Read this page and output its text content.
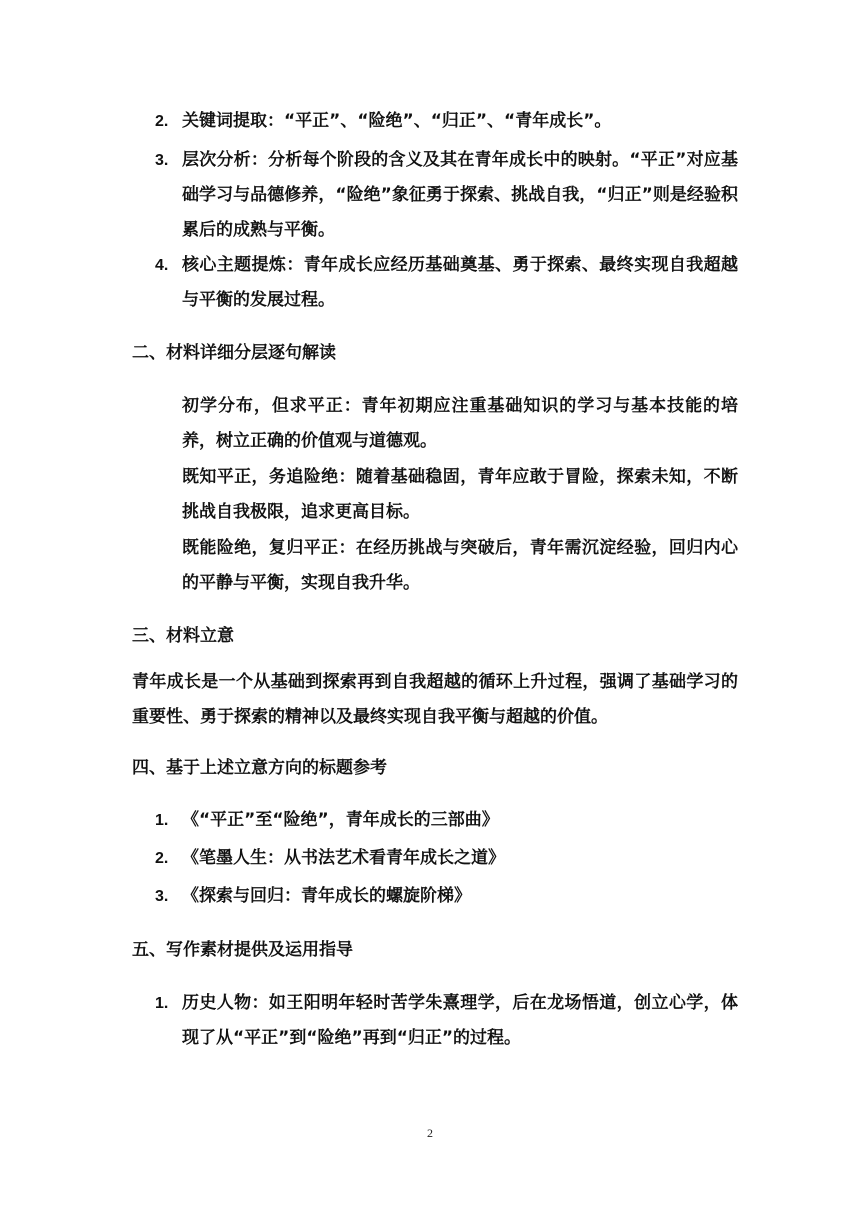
2. 关键词提取：“平正”、“险绝”、“归正”、“青年成长”。
3. 层次分析：分析每个阶段的含义及其在青年成长中的映射。“平正”对应基础学习与品德修养，“险绝”象征勇于探索、挑战自我，“归正”则是经验积累后的成熟与平衡。
4. 核心主题提炼：青年成长应经历基础奠基、勇于探索、最终实现自我超越与平衡的发展过程。
二、材料详细分层逐句解读
初学分布，但求平正：青年初期应注重基础知识的学习与基本技能的培养，树立正确的价值观与道德观。
既知平正，务追险绝：随着基础稳固，青年应敢于冒险，探索未知，不断挑战自我极限，追求更高目标。
既能险绝，复归平正：在经历挑战与突破后，青年需沉淀经验，回归内心的平静与平衡，实现自我升华。
三、材料立意
青年成长是一个从基础到探索再到自我超越的循环上升过程，强调了基础学习的重要性、勇于探索的精神以及最终实现自我平衡与超越的价值。
四、基于上述立意方向的标题参考
1. 《“平正”至“险绝”，青年成长的三部曲》
2. 《笔墨人生：从书法艺术看青年成长之道》
3. 《探索与回归：青年成长的螺旋阶梯》
五、写作素材提供及运用指导
1. 历史人物：如王阳明年轻时苦学朱熹理学，后在龙场悟道，创立心学，体现了从“平正”到“险绝”再到“归正”的过程。
2
